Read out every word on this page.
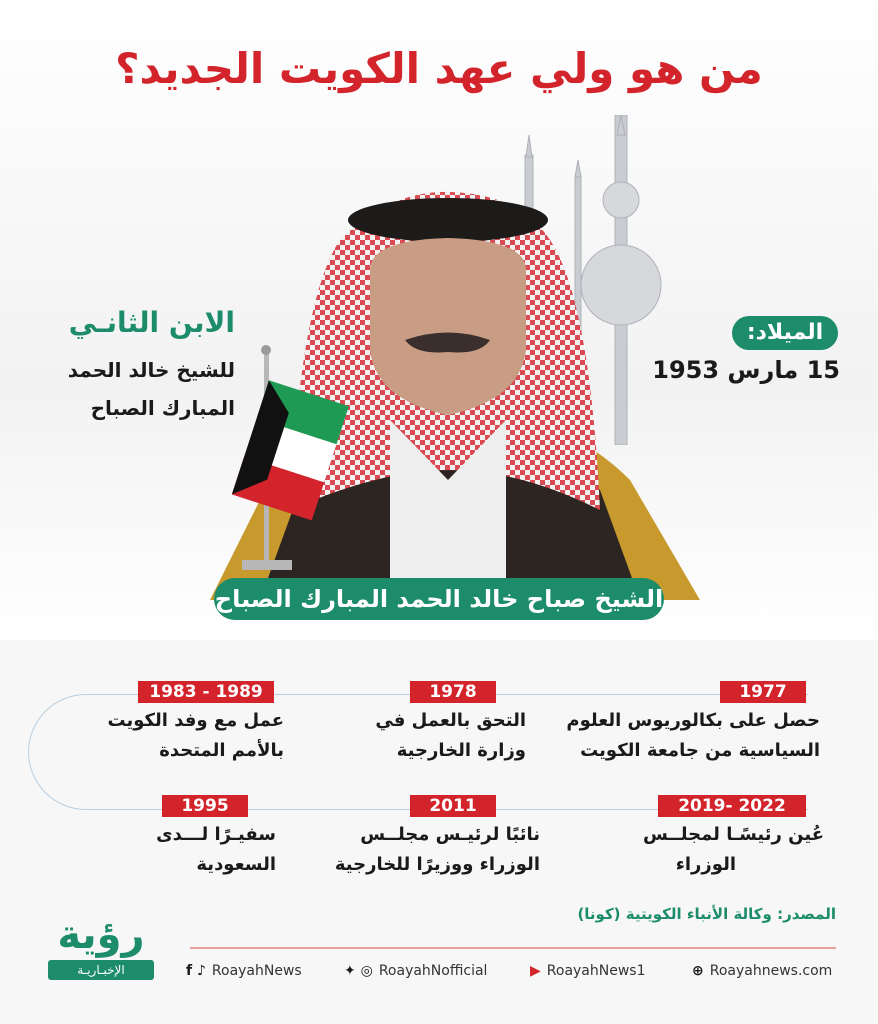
من هو ولي عهد الكويت الجديد؟
الميلاد:
15 مارس 1953
الابن الثانـي
للشيخ خالد الحمد
المبارك الصباح
الشيخ صباح خالد الحمد المبارك الصباح
1977
حصل على بكالوريوس العلوم
السياسية من جامعة الكويت
1978
التحق بالعمل في
وزارة الخارجية
1983 - 1989
عمل مع وفد الكويت
بالأمم المتحدة
2019- 2022
عُين رئيسًـا لمجلــس
الوزراء
2011
نائبًا لرئيـس مجلــس
الوزراء ووزيرًا للخارجية
1995
سفيـرًا لـــدى
السعودية
المصدر: وكالة الأنباء الكويتية (كونا)
رؤية
الإخبـاريـة	⊕ Roayahnews.com
▶ RoayahNews1
✦ ◎ RoayahNofficial
f ♪ RoayahNews
